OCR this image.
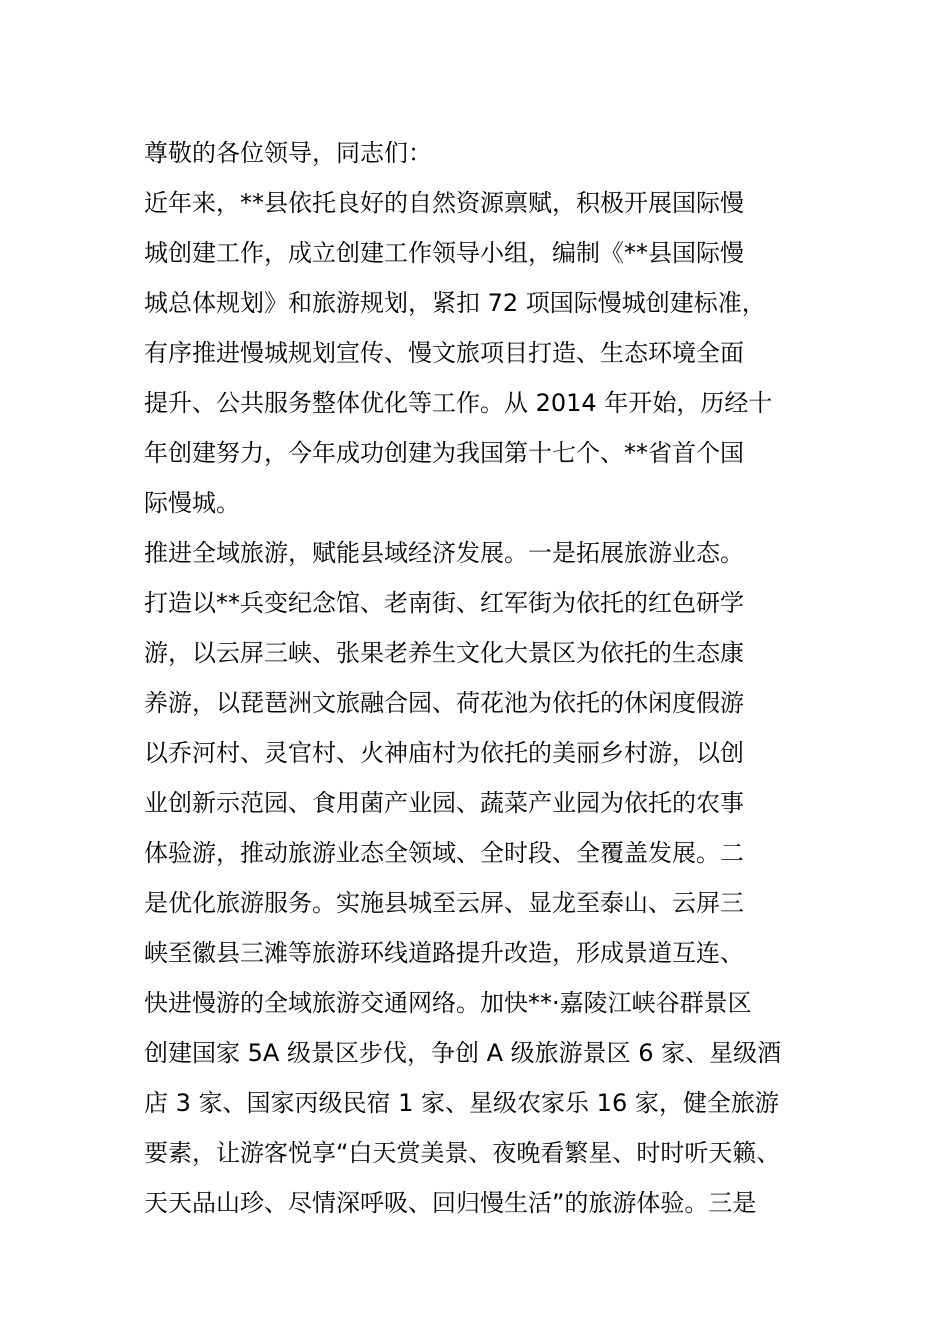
尊敬的各位领导，同志们：
近年来，**县依托良好的自然资源禀赋，积极开展国际慢
城创建工作，成立创建工作领导小组，编制《**县国际慢
城总体规划》和旅游规划，紧扣 72 项国际慢城创建标准，
有序推进慢城规划宣传、慢文旅项目打造、生态环境全面
提升、公共服务整体优化等工作。从 2014 年开始，历经十
年创建努力，今年成功创建为我国第十七个、**省首个国
际慢城。
推进全域旅游，赋能县域经济发展。一是拓展旅游业态。
打造以**兵变纪念馆、老南街、红军街为依托的红色研学
游，以云屏三峡、张果老养生文化大景区为依托的生态康
养游，以琵琶洲文旅融合园、荷花池为依托的休闲度假游
以乔河村、灵官村、火神庙村为依托的美丽乡村游，以创
业创新示范园、食用菌产业园、蔬菜产业园为依托的农事
体验游，推动旅游业态全领域、全时段、全覆盖发展。二
是优化旅游服务。实施县城至云屏、显龙至泰山、云屏三
峡至徽县三滩等旅游环线道路提升改造，形成景道互连、
快进慢游的全域旅游交通网络。加快**·嘉陵江峡谷群景区
创建国家 5A 级景区步伐，争创 A 级旅游景区 6 家、星级酒
店 3 家、国家丙级民宿 1 家、星级农家乐 16 家，健全旅游
要素，让游客悦享“白天赏美景、夜晚看繁星、时时听天籁、
天天品山珍、尽情深呼吸、回归慢生活”的旅游体验。三是
